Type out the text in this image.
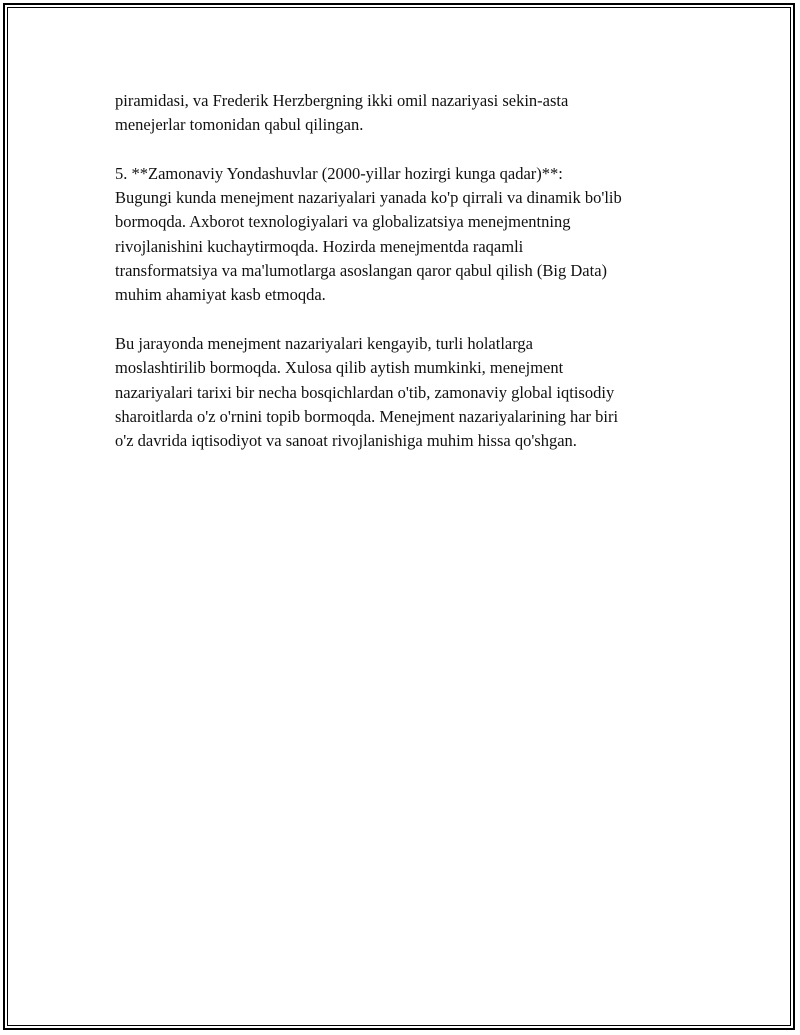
piramidasi, va Frederik Herzbergning ikki omil nazariyasi sekin-asta
menejerlar tomonidan qabul qilingan.

5. **Zamonaviy Yondashuvlar (2000-yillar hozirgi kunga qadar)**:
Bugungi kunda menejment nazariyalari yanada ko'p qirrali va dinamik bo'lib
bormoqda. Axborot texnologiyalari va globalizatsiya menejmentning
rivojlanishini kuchaytirmoqda. Hozirda menejmentda raqamli
transformatsiya va ma'lumotlarga asoslangan qaror qabul qilish (Big Data)
muhim ahamiyat kasb etmoqda.

Bu jarayonda menejment nazariyalari kengayib, turli holatlarga
moslashtirilib bormoqda. Xulosa qilib aytish mumkinki, menejment
nazariyalari tarixi bir necha bosqichlardan o'tib, zamonaviy global iqtisodiy
sharoitlarda o'z o'rnini topib bormoqda. Menejment nazariyalarining har biri
o'z davrida iqtisodiyot va sanoat rivojlanishiga muhim hissa qo'shgan.
